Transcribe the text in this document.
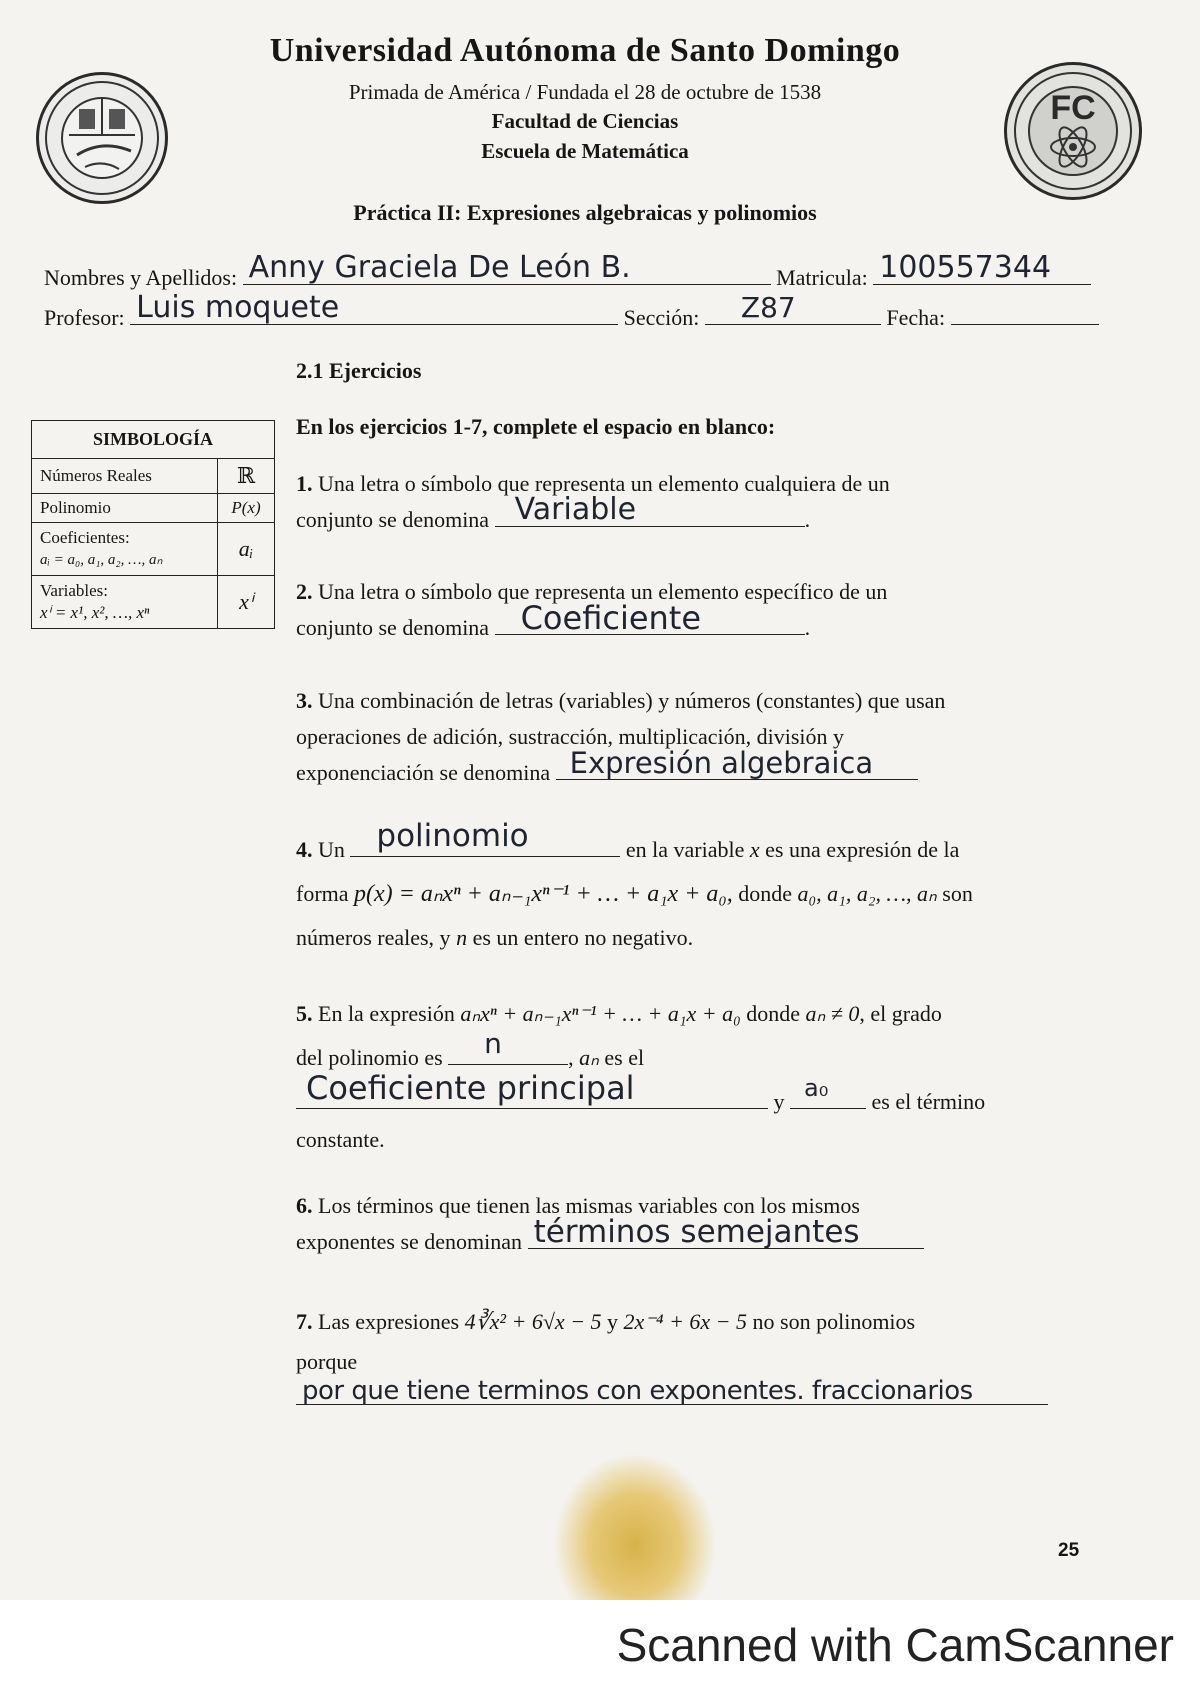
FC
Universidad Autónoma de Santo Domingo
Primada de América / Fundada el 28 de octubre de 1538
Facultad de Ciencias
Escuela de Matemática
Práctica II: Expresiones algebraicas y polinomios
Nombres y Apellidos: Anny Graciela De León B.	Matricula: 100557344
Profesor: Luis moquete	Sección: Z87	Fecha:
2.1 Ejercicios
SIMBOLOGÍA	
Números Reales	ℝ
Polinomio	P(x)

Coeficientes:
aᵢ = a₀, a₁, a₂, …, aₙ	aᵢ

Variables:
xⁱ = x¹, x², …, xⁿ	xⁱ
En los ejercicios 1-7, complete el espacio en blanco:
1. Una letra o símbolo que representa un elemento cualquiera de un
conjunto se denomina Variable	.
2. Una letra o símbolo que representa un elemento específico de un
conjunto se denomina Coeficiente	.
3. Una combinación de letras (variables) y números (constantes) que usan
operaciones de adición, sustracción, multiplicación, división y
exponenciación se denomina Expresión algebraica
4. Un polinomio	en la variable x es una expresión de la
forma p(x) = aₙxⁿ + aₙ₋₁xⁿ⁻¹ + … + a₁x + a₀, donde a₀, a₁, a₂, …, aₙ son
números reales, y n es un entero no negativo.
5. En la expresión aₙxⁿ + aₙ₋₁xⁿ⁻¹ + … + a₁x + a₀ donde aₙ ≠ 0, el grado
del polinomio es n	, aₙ es el
Coeficiente principal	y a₀ es el término
constante.
6. Los términos que tienen las mismas variables con los mismos
exponentes se denominan términos semejantes
7. Las expresiones 4∛x² + 6√x − 5 y 2x⁻⁴ + 6x − 5 no son polinomios
porque
por que tiene terminos con exponentes. fraccionarios
25
Scanned with CamScanner
